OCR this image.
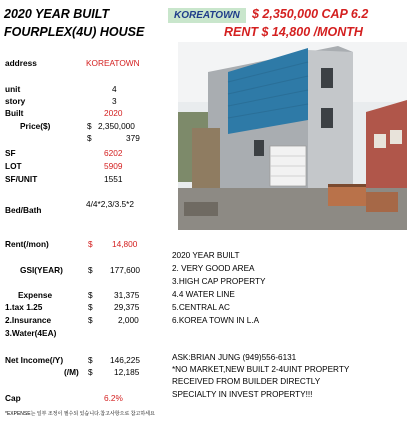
2020 YEAR BUILT
FOURPLEX(4U) HOUSE
KOREATOWN $ 2,350,000 CAP 6.2
RENT $ 14,800 /MONTH
address	KOREATOWN
unit	4
story	3
Built	2020
Price($)	$ 2,350,000
$	379
SF	6202
LOT	5909
SF/UNIT	1551
Bed/Bath
4/4*2,3/3.5*2
Rent(/mon)	$ 14,800
GSI(YEAR)	$ 177,600
Expense	$	31,375
1.tax 1.25	$	29,375
2.Insurance	$	2,000
3.Water(4EA)
Net Income(/Y)	$ 146,225
(/M) $	12,185
Cap	6.2%
2020 YEAR BUILT
2. VERY GOOD AREA
3.HIGH CAP PROPERTY
4.4 WATER LINE
5.CENTRAL AC
6.KOREA TOWN IN L.A
ASK:BRIAN JUNG (949)556-6131
*NO MARKET,NEW BUILT 2-4UINT PROPERTY
RECEIVED FROM BUILDER DIRECTLY
SPECIALTY IN INVEST PROPERTY!!!
*EXPENSE는 일부 조정이 필수되 있습니다.참고사항으로 참고하세요
